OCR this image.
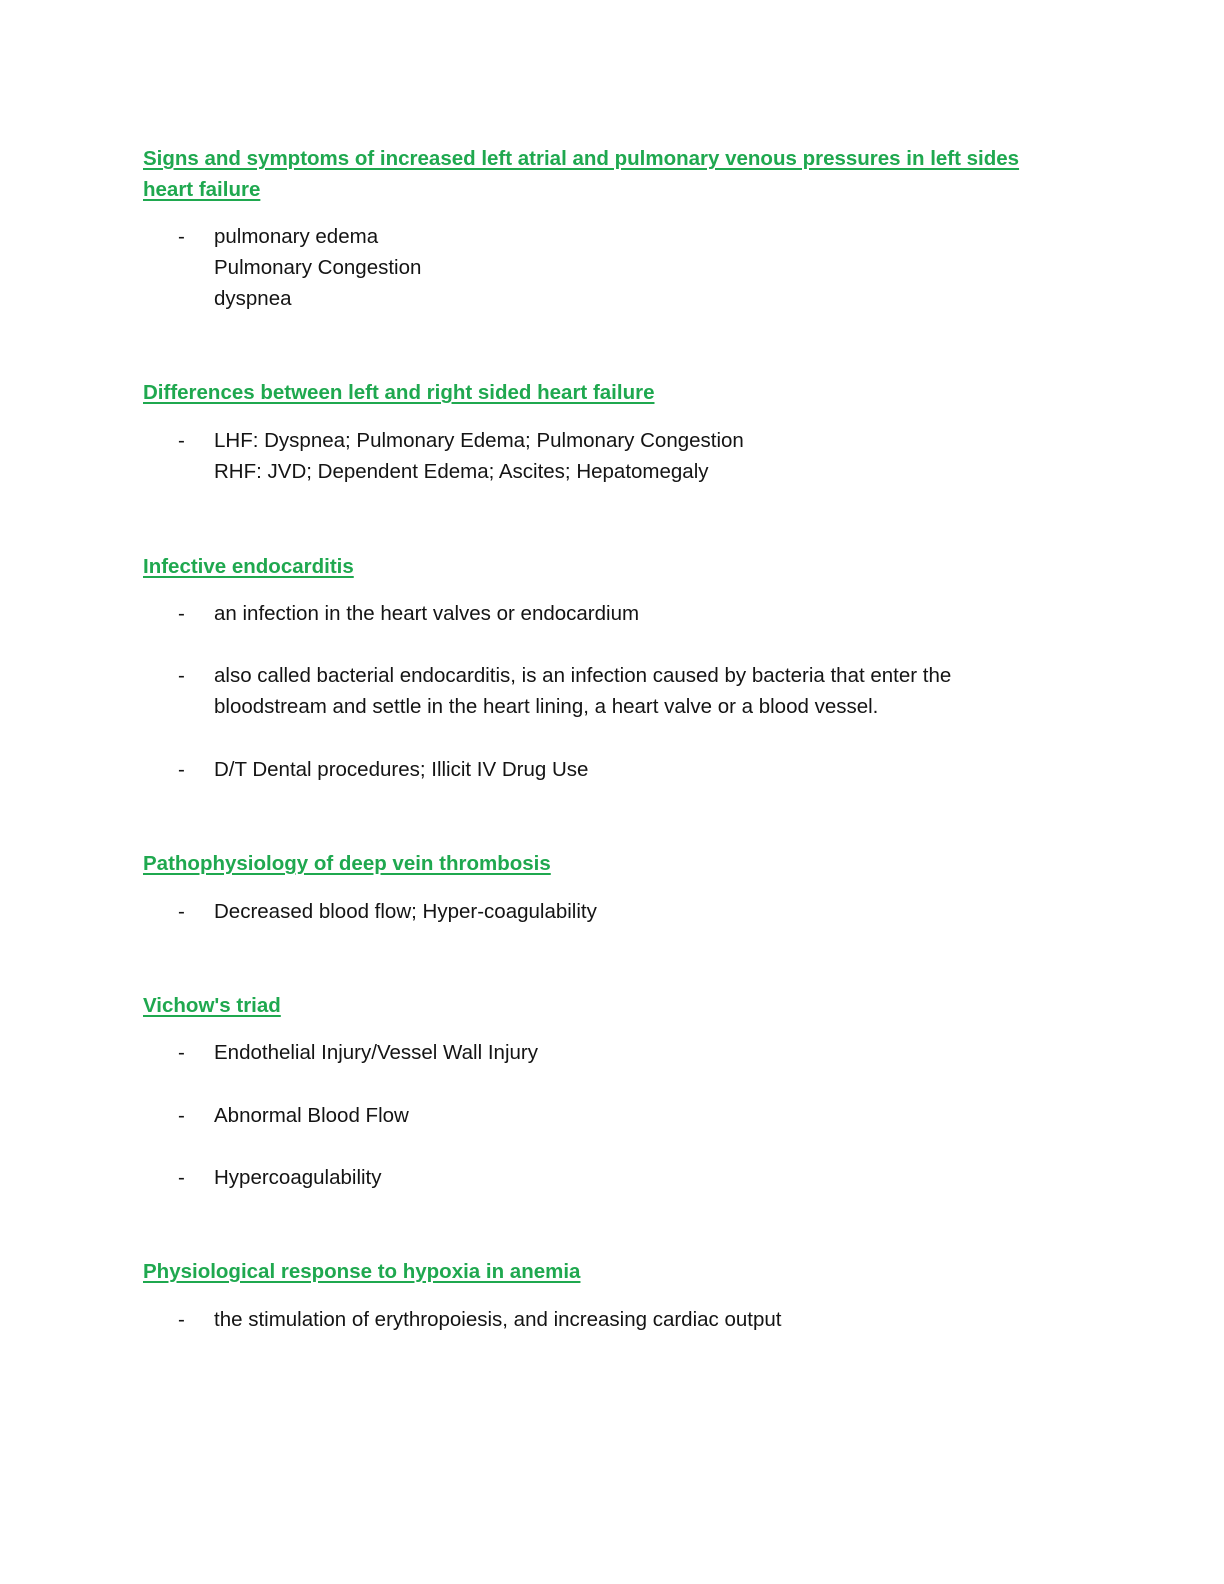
Signs and symptoms of increased left atrial and pulmonary venous pressures in left sides heart failure
-	pulmonary edema
Pulmonary Congestion
dyspnea
Differences between left and right sided heart failure
-	LHF: Dyspnea; Pulmonary Edema; Pulmonary Congestion
RHF: JVD; Dependent Edema; Ascites; Hepatomegaly
Infective endocarditis
-	an infection in the heart valves or endocardium
-	also called bacterial endocarditis, is an infection caused by bacteria that enter the bloodstream and settle in the heart lining, a heart valve or a blood vessel.
-	D/T Dental procedures; Illicit IV Drug Use
Pathophysiology of deep vein thrombosis
-	Decreased blood flow; Hyper-coagulability
Vichow's triad
-	Endothelial Injury/Vessel Wall Injury
-	Abnormal Blood Flow
-	Hypercoagulability
Physiological response to hypoxia in anemia
-	the stimulation of erythropoiesis, and increasing cardiac output
